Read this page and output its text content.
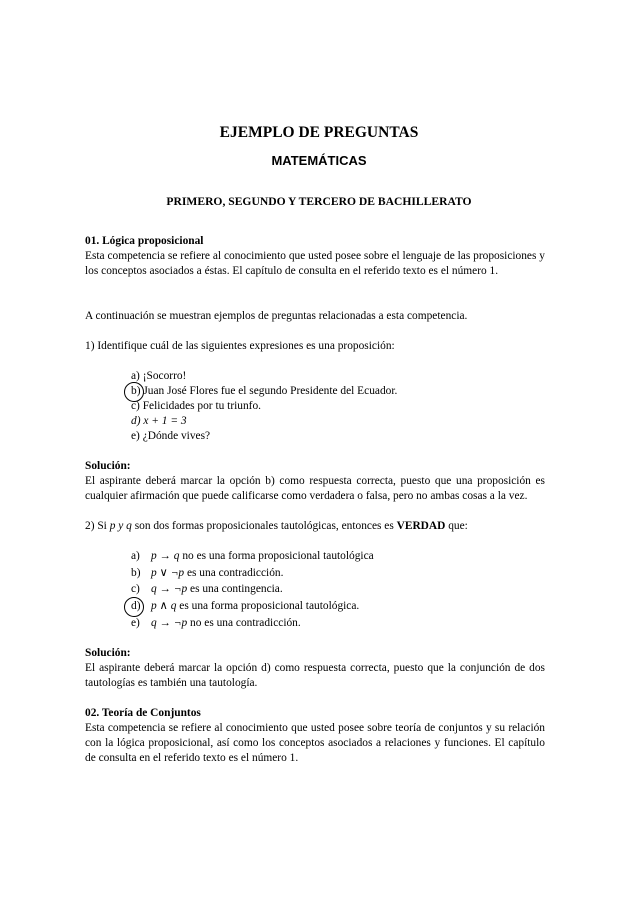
EJEMPLO DE PREGUNTAS
MATEMÁTICAS
PRIMERO, SEGUNDO Y TERCERO DE BACHILLERATO
01. Lógica proposicional
Esta competencia se refiere al conocimiento que usted posee sobre el lenguaje de las proposiciones y los conceptos asociados a éstas. El capítulo de consulta en el referido texto es el número 1.
A continuación se muestran ejemplos de preguntas relacionadas a esta competencia.
1) Identifique cuál de las siguientes expresiones es una proposición:
a) ¡Socorro!
b) Juan José Flores fue el segundo Presidente del Ecuador.
c) Felicidades por tu triunfo.
d) x + 1 = 3
e) ¿Dónde vives?
Solución:
El aspirante deberá marcar la opción b) como respuesta correcta, puesto que una proposición es cualquier afirmación que puede calificarse como verdadera o falsa, pero no ambas cosas a la vez.
2) Si p y q son dos formas proposicionales tautológicas, entonces es VERDAD que:
a) p → q no es una forma proposicional tautológica
b) p ∨ ¬p es una contradicción.
c) q → ¬p es una contingencia.
d) p ∧ q es una forma proposicional tautológica.
e) q → ¬p no es una contradicción.
Solución:
El aspirante deberá marcar la opción d) como respuesta correcta, puesto que la conjunción de dos tautologías es también una tautología.
02. Teoría de Conjuntos
Esta competencia se refiere al conocimiento que usted posee sobre teoría de conjuntos y su relación con la lógica proposicional, así como los conceptos asociados a relaciones y funciones. El capítulo de consulta en el referido texto es el número 1.
